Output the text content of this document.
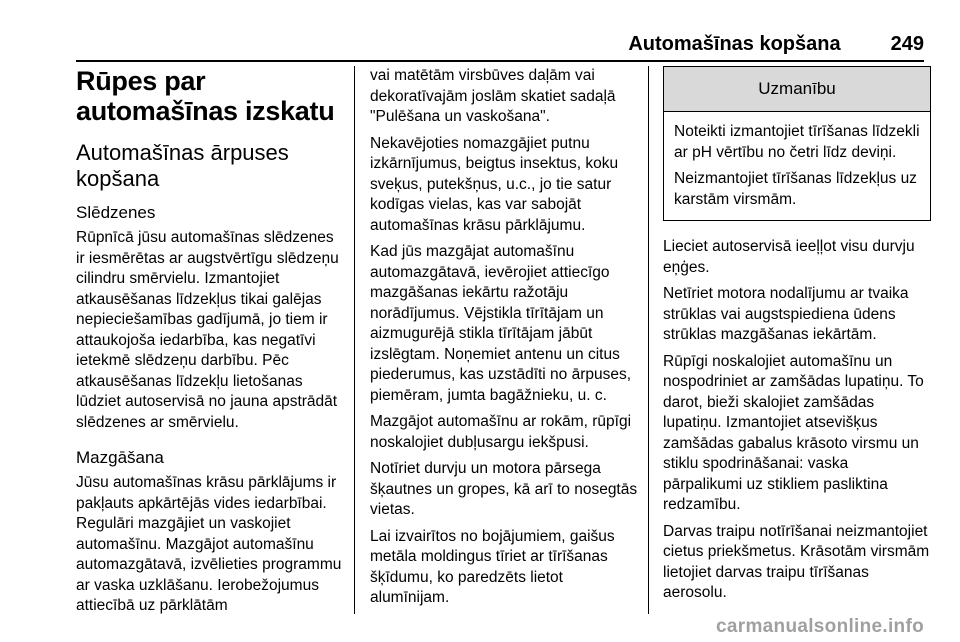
Automašīnas kopšana	249
Rūpes par automašīnas izskatu
Automašīnas ārpuses kopšana
Slēdzenes

Rūpnīcā jūsu automašīnas slēdzenes ir iesmērētas ar augstvērtīgu slēdzeņu cilindru smērvielu. Izmantojiet atkausēšanas līdzekļus tikai galējas nepieciešamības gadījumā, jo tiem ir attaukojoša iedarbība, kas negatīvi ietekmē slēdzeņu darbību. Pēc atkausēšanas līdzekļu lietošanas lūdziet autoservisā no jauna apstrādāt slēdzenes ar smērvielu.

Mazgāšana

Jūsu automašīnas krāsu pārklājums ir pakļauts apkārtējās vides iedarbībai. Regulāri mazgājiet un vaskojiet automašīnu. Mazgājot automašīnu automazgātavā, izvēlieties programmu ar vaska uzklāšanu. Ierobežojumus attiecībā uz pārklātām

vai matētām virsbūves daļām vai dekoratīvajām joslām skatiet sadaļā "Pulēšana un vaskošana".

Nekavējoties nomazgājiet putnu izkārnījumus, beigtus insektus, koku sveķus, putekšņus, u.c., jo tie satur kodīgas vielas, kas var sabojāt automašīnas krāsu pārklājumu.

Kad jūs mazgājat automašīnu automazgātavā, ievērojiet attiecīgo mazgāšanas iekārtu ražotāju norādījumus. Vējstikla tīrītājam un aizmugurējā stikla tīrītājam jābūt izslēgtam. Noņemiet antenu un citus piederumus, kas uzstādīti no ārpuses, piemēram, jumta bagāžnieku, u. c.

Mazgājot automašīnu ar rokām, rūpīgi noskalojiet dubļusargu iekšpusi.

Notīriet durvju un motora pārsega šķautnes un gropes, kā arī to nosegtās vietas.

Lai izvairītos no bojājumiem, gaišus metāla moldingus tīriet ar tīrīšanas šķīdumu, ko paredzēts lietot alumīnijam.

Uzmanību

Noteikti izmantojiet tīrīšanas līdzekli ar pH vērtību no četri līdz deviņi.

Neizmantojiet tīrīšanas līdzekļus uz karstām virsmām.

Lieciet autoservisā ieeļļot visu durvju eņģes.

Netīriet motora nodalījumu ar tvaika strūklas vai augstspiediena ūdens strūklas mazgāšanas iekārtām.

Rūpīgi noskalojiet automašīnu un nospodriniet ar zamšādas lupatiņu. To darot, bieži skalojiet zamšādas lupatiņu. Izmantojiet atsevišķus zamšādas gabalus krāsoto virsmu un stiklu spodrināšanai: vaska pārpalikumi uz stikliem pasliktina redzamību.

Darvas traipu notīrīšanai neizmantojiet cietus priekšmetus. Krāsotām virsmām lietojiet darvas traipu tīrīšanas aerosolu.

carmanualsonline.info
